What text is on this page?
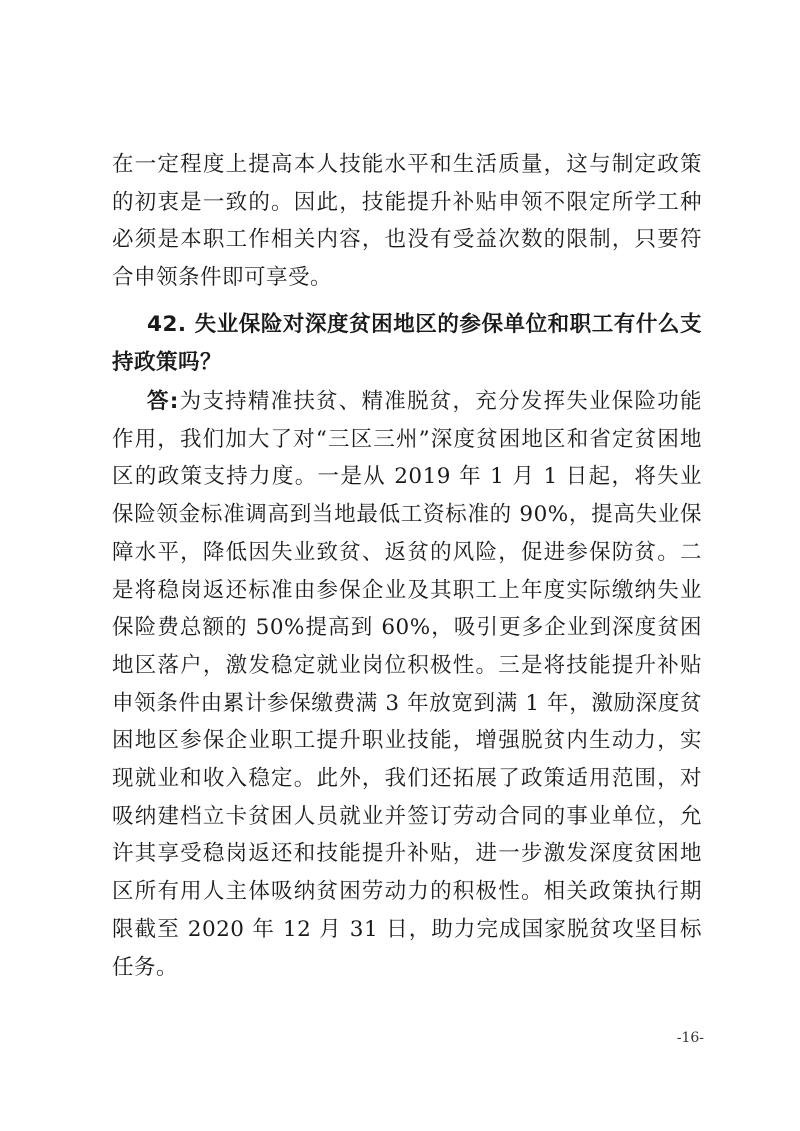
在一定程度上提高本人技能水平和生活质量，这与制定政策的初衷是一致的。因此，技能提升补贴申领不限定所学工种必须是本职工作相关内容，也没有受益次数的限制，只要符合申领条件即可享受。

42. 失业保险对深度贫困地区的参保单位和职工有什么支持政策吗？

答:为支持精准扶贫、精准脱贫，充分发挥失业保险功能作用，我们加大了对“三区三州”深度贫困地区和省定贫困地区的政策支持力度。一是从 2019 年 1 月 1 日起，将失业保险领金标准调高到当地最低工资标准的 90%，提高失业保障水平，降低因失业致贫、返贫的风险，促进参保防贫。二是将稳岗返还标准由参保企业及其职工上年度实际缴纳失业保险费总额的 50%提高到 60%，吸引更多企业到深度贫困地区落户，激发稳定就业岗位积极性。三是将技能提升补贴申领条件由累计参保缴费满 3 年放宽到满 1 年，激励深度贫困地区参保企业职工提升职业技能，增强脱贫内生动力，实现就业和收入稳定。此外，我们还拓展了政策适用范围，对吸纳建档立卡贫困人员就业并签订劳动合同的事业单位，允许其享受稳岗返还和技能提升补贴，进一步激发深度贫困地区所有用人主体吸纳贫困劳动力的积极性。相关政策执行期限截至 2020 年 12 月 31 日，助力完成国家脱贫攻坚目标任务。

-16-
